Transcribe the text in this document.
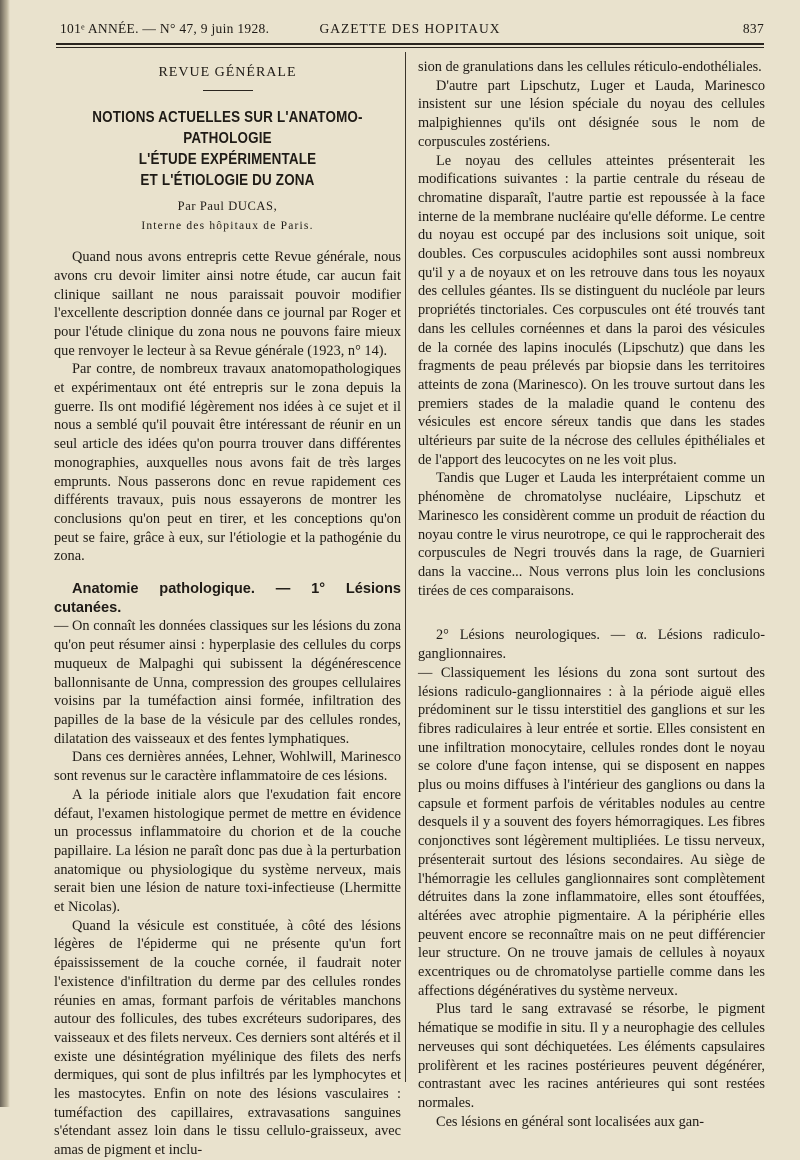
101ᵉ ANNÉE. — N° 47, 9 juin 1928.	GAZETTE DES HOPITAUX	837
REVUE GÉNÉRALE
NOTIONS ACTUELLES SUR L'ANATOMO-PATHOLOGIE
L'ÉTUDE EXPÉRIMENTALE
ET L'ÉTIOLOGIE DU ZONA
Par Paul DUCAS,
Interne des hôpitaux de Paris.

Quand nous avons entrepris cette Revue générale, nous avons cru devoir limiter ainsi notre étude, car aucun fait clinique saillant ne nous paraissait pouvoir modifier l'excellente description donnée dans ce journal par Roger et pour l'étude clinique du zona nous ne pouvons faire mieux que renvoyer le lecteur à sa Revue générale (1923, n° 14).

Par contre, de nombreux travaux anatomopathologiques et expérimentaux ont été entrepris sur le zona depuis la guerre. Ils ont modifié légèrement nos idées à ce sujet et il nous a semblé qu'il pouvait être intéressant de réunir en un seul article des idées qu'on pourra trouver dans différentes monographies, auxquelles nous avons fait de très larges emprunts. Nous passerons donc en revue rapidement ces différents travaux, puis nous essayerons de montrer les conclusions qu'on peut en tirer, et les conceptions qu'on peut se faire, grâce à eux, sur l'étiologie et la pathogénie du zona.

Anatomie pathologique. — 1° Lésions cutanées.

— On connaît les données classiques sur les lésions du zona qu'on peut résumer ainsi : hyperplasie des cellules du corps muqueux de Malpaghi qui subissent la dégénérescence ballonnisante de Unna, compression des groupes cellulaires voisins par la tuméfaction ainsi formée, infiltration des papilles de la base de la vésicule par des cellules rondes, dilatation des vaisseaux et des fentes lymphatiques.

Dans ces dernières années, Lehner, Wohlwill, Marinesco sont revenus sur le caractère inflammatoire de ces lésions.

A la période initiale alors que l'exudation fait encore défaut, l'examen histologique permet de mettre en évidence un processus inflammatoire du chorion et de la couche papillaire. La lésion ne paraît donc pas due à la perturbation anatomique ou physiologique du système nerveux, mais serait bien une lésion de nature toxi-infectieuse (Lhermitte et Nicolas).

Quand la vésicule est constituée, à côté des lésions légères de l'épiderme qui ne présente qu'un fort épaississement de la couche cornée, il faudrait noter l'existence d'infiltration du derme par des cellules rondes réunies en amas, formant parfois de véritables manchons autour des follicules, des tubes excréteurs sudoripares, des vaisseaux et des filets nerveux. Ces derniers sont altérés et il existe une désintégration myélinique des filets des nerfs dermiques, qui sont de plus infiltrés par les lymphocytes et les mastocytes. Enfin on note des lésions vasculaires : tuméfaction des capillaires, extravasations sanguines s'étendant assez loin dans le tissu cellulo-graisseux, avec amas de pigment et inclu-

sion de granulations dans les cellules réticulo-endothéliales.

D'autre part Lipschutz, Luger et Lauda, Marinesco insistent sur une lésion spéciale du noyau des cellules malpighiennes qu'ils ont désignée sous le nom de corpuscules zostériens.

Le noyau des cellules atteintes présenterait les modifications suivantes : la partie centrale du réseau de chromatine disparaît, l'autre partie est repoussée à la face interne de la membrane nucléaire qu'elle déforme. Le centre du noyau est occupé par des inclusions soit unique, soit doubles. Ces corpuscules acidophiles sont aussi nombreux qu'il y a de noyaux et on les retrouve dans tous les noyaux des cellules géantes. Ils se distinguent du nucléole par leurs propriétés tinctoriales. Ces corpuscules ont été trouvés tant dans les cellules cornéennes et dans la paroi des vésicules de la cornée des lapins inoculés (Lipschutz) que dans les fragments de peau prélevés par biopsie dans les territoires atteints de zona (Marinesco). On les trouve surtout dans les premiers stades de la maladie quand le contenu des vésicules est encore séreux tandis que dans les stades ultérieurs par suite de la nécrose des cellules épithéliales et de l'apport des leucocytes on ne les voit plus.

Tandis que Luger et Lauda les interprétaient comme un phénomène de chromatolyse nucléaire, Lipschutz et Marinesco les considèrent comme un produit de réaction du noyau contre le virus neurotrope, ce qui le rapprocherait des corpuscules de Negri trouvés dans la rage, de Guarnieri dans la vaccine... Nous verrons plus loin les conclusions tirées de ces comparaisons.

2° Lésions neurologiques. — α. Lésions radiculo-ganglionnaires.

— Classiquement les lésions du zona sont surtout des lésions radiculo-ganglionnaires : à la période aiguë elles prédominent sur le tissu interstitiel des ganglions et sur les fibres radiculaires à leur entrée et sortie. Elles consistent en une infiltration monocytaire, cellules rondes dont le noyau se colore d'une façon intense, qui se disposent en nappes plus ou moins diffuses à l'intérieur des ganglions ou dans la capsule et forment parfois de véritables nodules au centre desquels il y a souvent des foyers hémorragiques. Les fibres conjonctives sont légèrement multipliées. Le tissu nerveux, présenterait surtout des lésions secondaires. Au siège de l'hémorragie les cellules ganglionnaires sont complètement détruites dans la zone inflammatoire, elles sont étouffées, altérées avec atrophie pigmentaire. A la périphérie elles peuvent encore se reconnaître mais on ne peut différencier leur structure. On ne trouve jamais de cellules à noyaux excentriques ou de chromatolyse partielle comme dans les affections dégénératives du système nerveux.

Plus tard le sang extravasé se résorbe, le pigment hématique se modifie in situ. Il y a neurophagie des cellules nerveuses qui sont déchiquetées. Les éléments capsulaires prolifèrent et les racines postérieures peuvent dégénérer, contrastant avec les racines antérieures qui sont restées normales.

Ces lésions en général sont localisées aux gan-
